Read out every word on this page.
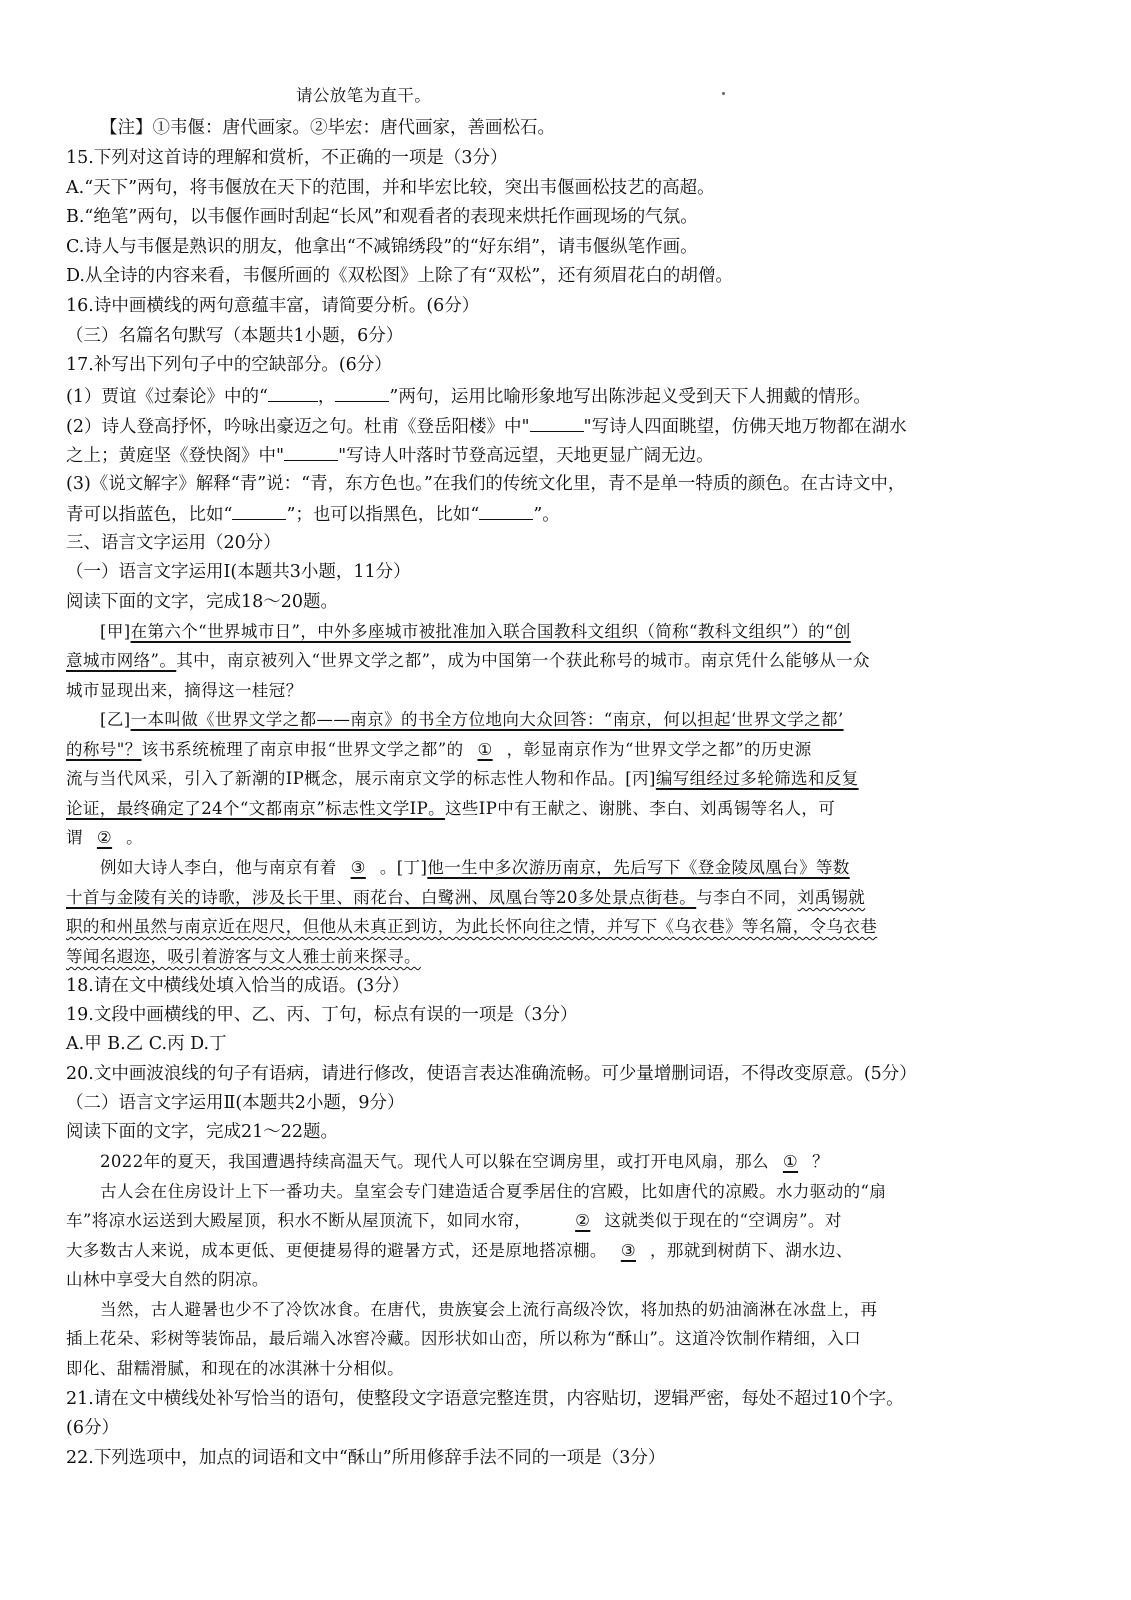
请公放笔为直干。
【注】①韦偃：唐代画家。②毕宏：唐代画家，善画松石。
15.下列对这首诗的理解和赏析，不正确的一项是（3分）
A.“天下”两句，将韦偃放在天下的范围，并和毕宏比较，突出韦偃画松技艺的高超。
B.“绝笔”两句，以韦偃作画时刮起“长风”和观看者的表现来烘托作画现场的气氛。
C.诗人与韦偃是熟识的朋友，他拿出“不减锦绣段”的“好东绢”，请韦偃纵笔作画。
D.从全诗的内容来看，韦偃所画的《双松图》上除了有“双松”，还有须眉花白的胡僧。
16.诗中画横线的两句意蕴丰富，请简要分析。(6分）
（三）名篇名句默写（本题共1小题，6分）
17.补写出下列句子中的空缺部分。(6分）
(1）贾谊《过秦论》中的“	，	”两句，运用比喻形象地写出陈涉起义受到天下人拥戴的情形。
(2）诗人登高抒怀，吟咏出豪迈之句。杜甫《登岳阳楼》中"	"写诗人四面眺望，仿佛天地万物都在湖水
之上；黄庭坚《登快阁》中"	"写诗人叶落时节登高远望，天地更显广阔无边。
(3)《说文解字》解释“青”说：“青，东方色也。”在我们的传统文化里，青不是单一特质的颜色。在古诗文中，
青可以指蓝色，比如“	”；也可以指黑色，比如“	”。
三、语言文字运用（20分）
（一）语言文字运用Ⅰ(本题共3小题，11分）
阅读下面的文字，完成18～20题。
[甲]在第六个“世界城市日”，中外多座城市被批准加入联合国教科文组织（简称“教科文组织”）的“创
意城市网络”。其中，南京被列入“世界文学之都”，成为中国第一个获此称号的城市。南京凭什么能够从一众
城市显现出来，摘得这一桂冠？
[乙]一本叫做《世界文学之都——南京》的书全方位地向大众回答：“南京，何以担起‘世界文学之都’
的称号"？该书系统梳理了南京申报“世界文学之都”的 ① ，彰显南京作为“世界文学之都”的历史源
流与当代风采，引入了新潮的IP概念，展示南京文学的标志性人物和作品。[丙]编写组经过多轮筛选和反复
论证，最终确定了24个“文都南京”标志性文学IP。这些IP中有王献之、谢朓、李白、刘禹锡等名人，可
谓 ② 。
例如大诗人李白，他与南京有着 ③ 。[丁]他一生中多次游历南京，先后写下《登金陵凤凰台》等数
十首与金陵有关的诗歌，涉及长干里、雨花台、白鹭洲、凤凰台等20多处景点街巷。与李白不同，刘禹锡就
职的和州虽然与南京近在咫尺，但他从未真正到访，为此长怀向往之情，并写下《乌衣巷》等名篇，令乌衣巷
等闻名遐迩，吸引着游客与文人雅士前来探寻。
18.请在文中横线处填入恰当的成语。(3分）
19.文段中画横线的甲、乙、丙、丁句，标点有误的一项是（3分）
A.甲 B.乙 C.丙 D.丁
20.文中画波浪线的句子有语病，请进行修改，使语言表达准确流畅。可少量增删词语，不得改变原意。(5分）
（二）语言文字运用Ⅱ(本题共2小题，9分）
阅读下面的文字，完成21～22题。
2022年的夏天，我国遭遇持续高温天气。现代人可以躲在空调房里，或打开电风扇，那么 ① ？
古人会在住房设计上下一番功夫。皇室会专门建造适合夏季居住的宫殿，比如唐代的凉殿。水力驱动的“扇
车”将凉水运送到大殿屋顶，积水不断从屋顶流下，如同水帘，	② 这就类似于现在的“空调房”。对
大多数古人来说，成本更低、更便捷易得的避暑方式，还是原地搭凉棚。 ③ ，那就到树荫下、湖水边、
山林中享受大自然的阴凉。
当然，古人避暑也少不了冷饮冰食。在唐代，贵族宴会上流行高级冷饮，将加热的奶油滴淋在冰盘上，再
插上花朵、彩树等装饰品，最后端入冰窖冷藏。因形状如山峦，所以称为“酥山”。这道冷饮制作精细，入口
即化、甜糯滑腻，和现在的冰淇淋十分相似。
21.请在文中横线处补写恰当的语句，使整段文字语意完整连贯，内容贴切，逻辑严密，每处不超过10个字。
(6分）
22.下列选项中，加点的词语和文中“酥山”所用修辞手法不同的一项是（3分）
